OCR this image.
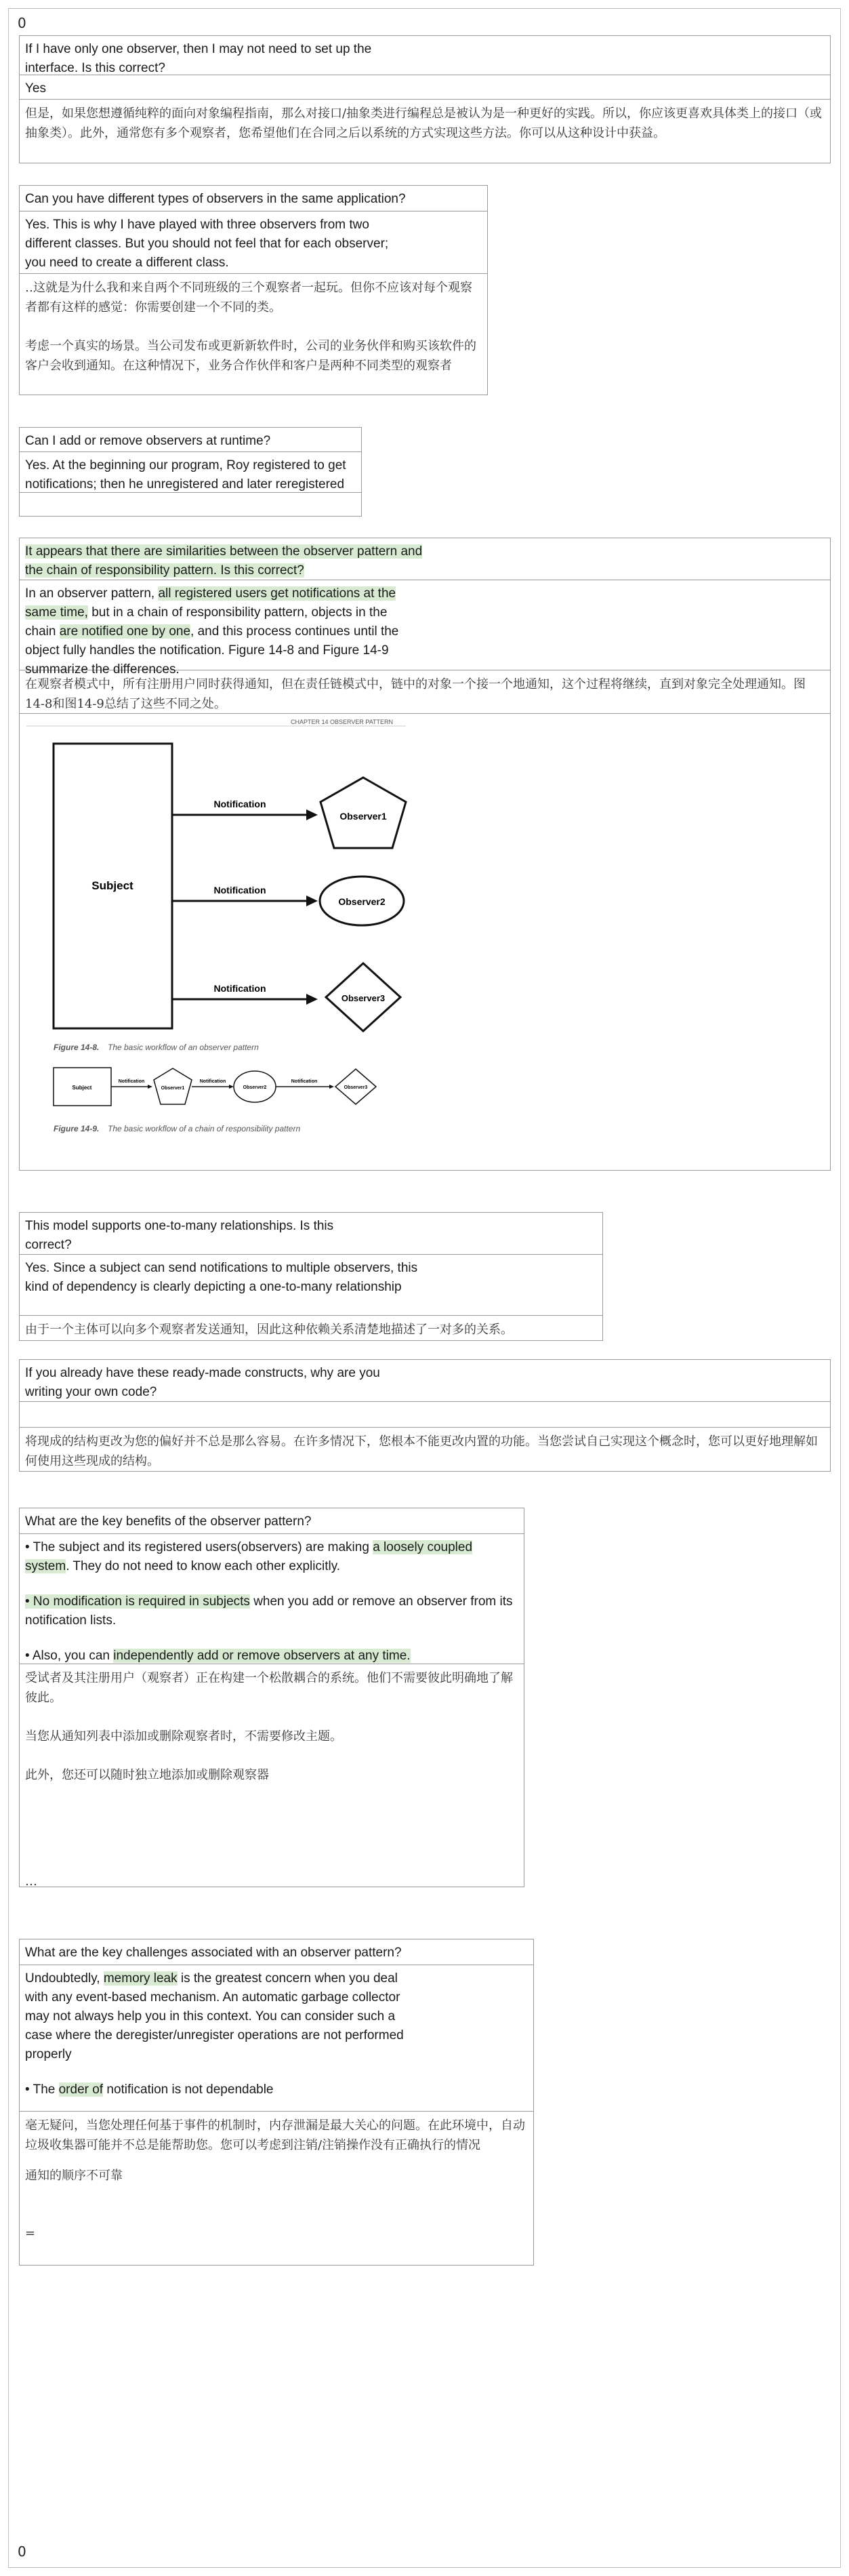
0
If I have only one observer, then I may not need to set up the interface. Is this correct?
Yes
但是，如果您想遵循纯粹的面向对象编程指南，那么对接口/抽象类进行编程总是被认为是一种更好的实践。所以，你应该更喜欢具体类上的接口（或抽象类）。此外，通常您有多个观察者，您希望他们在合同之后以系统的方式实现这些方法。你可以从这种设计中获益。
Can you have different types of observers in the same application?
Yes. This is why I have played with three observers from two different classes. But you should not feel that for each observer; you need to create a different class.

‥这就是为什么我和来自两个不同班级的三个观察者一起玩。但你不应该对每个观察者都有这样的感觉：你需要创建一个不同的类。

考虑一个真实的场景。当公司发布或更新新软件时，公司的业务伙伴和购买该软件的客户会收到通知。在这种情况下，业务合作伙伴和客户是两种不同类型的观察者

Can I add or remove observers at runtime?
Yes. At the beginning our program, Roy registered to get notifications; then he unregistered and later reregistered
It appears that there are similarities between the observer pattern and the chain of responsibility pattern. Is this correct?
In an observer pattern, all registered users get notifications at the same time, but in a chain of responsibility pattern, objects in the chain are notified one by one, and this process continues until the object fully handles the notification. Figure 14-8 and Figure 14-9 summarize the differences.
在观察者模式中，所有注册用户同时获得通知，但在责任链模式中，链中的对象一个接一个地通知，这个过程将继续，直到对象完全处理通知。图14-8和图14-9总结了这些不同之处。
CHAPTER 14 OBSERVER PATTERN
Subject
Notification
Observer1
Notification
Observer2
Notification
Observer3
Figure 14-8. The basic workflow of an observer pattern
Subject
Notification
Observer1
Notification
Observer2
Notification
Observer3
Figure 14-9. The basic workflow of a chain of responsibility pattern
This model supports one-to-many relationships. Is this correct?
Yes. Since a subject can send notifications to multiple observers, this kind of dependency is clearly depicting a one-to-many relationship
由于一个主体可以向多个观察者发送通知，因此这种依赖关系清楚地描述了一对多的关系。
If you already have these ready-made constructs, why are you writing your own code?
将现成的结构更改为您的偏好并不总是那么容易。在许多情况下，您根本不能更改内置的功能。当您尝试自己实现这个概念时，您可以更好地理解如何使用这些现成的结构。
What are the key benefits of the observer pattern?

• The subject and its registered users(observers) are making a loosely coupled system. They do not need to know each other explicitly.

• No modification is required in subjects when you add or remove an observer from its notification lists.

• Also, you can independently add or remove observers at any time.

受试者及其注册用户（观察者）正在构建一个松散耦合的系统。他们不需要彼此明确地了解彼此。

当您从通知列表中添加或删除观察者时，不需要修改主题。

此外，您还可以随时独立地添加或删除观察器

…

What are the key challenges associated with an observer pattern?

Undoubtedly, memory leak is the greatest concern when you deal with any event-based mechanism. An automatic garbage collector may not always help you in this context. You can consider such a case where the deregister/unregister operations are not performed properly

• The order of notification is not dependable

毫无疑问，当您处理任何基于事件的机制时，内存泄漏是最大关心的问题。在此环境中，自动垃圾收集器可能并不总是能帮助您。您可以考虑到注销/注销操作没有正确执行的情况

通知的顺序不可靠

=

0
